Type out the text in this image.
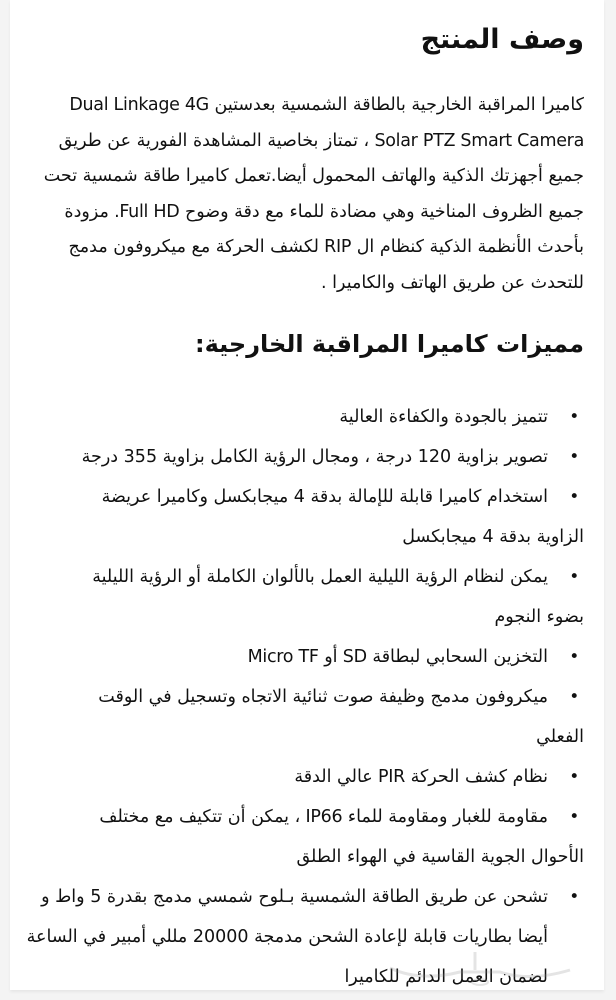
وصف المنتج

كاميرا المراقبة الخارجية بالطاقة الشمسية بعدستين Dual Linkage 4G Solar PTZ Smart Camera ، تمتاز بخاصية المشاهدة الفورية عن طريق جميع أجهزتك الذكية والهاتف المحمول أيضا.تعمل كاميرا طاقة شمسية تحت جميع الظروف المناخية وهي مضادة للماء مع دقة وضوح Full HD. مزودة بأحدث الأنظمة الذكية كنظام ال RIP لكشف الحركة مع ميكروفون مدمج للتحدث عن طريق الهاتف والكاميرا .

مميزات كاميرا المراقبة الخارجية:
•
تتميز بالجودة والكفاءة العالية
•
تصوير بزاوية 120 درجة ، ومجال الرؤية الكامل بزاوية 355 درجة
•
استخدام كاميرا قابلة للإمالة بدقة 4 ميجابكسل وكاميرا عريضة
الزاوية بدقة 4 ميجابكسل
•
يمكن لنظام الرؤية الليلية العمل بالألوان الكاملة أو الرؤية الليلية
بضوء النجوم
•
التخزين السحابي لبطاقة SD أو Micro TF
•
ميكروفون مدمج وظيفة صوت ثنائية الاتجاه وتسجيل في الوقت
الفعلي
•
نظام كشف الحركة PIR عالي الدقة
•
مقاومة للغبار ومقاومة للماء IP66 ، يمكن أن تتكيف مع مختلف
الأحوال الجوية القاسية في الهواء الطلق
•
تشحن عن طريق الطاقة الشمسية بـلوح شمسي مدمج بقدرة 5 واط و أيضا بطاريات قابلة لإعادة الشحن مدمجة 20000 مللي أمبير في الساعة لضمان العمل الدائم للكاميرا
